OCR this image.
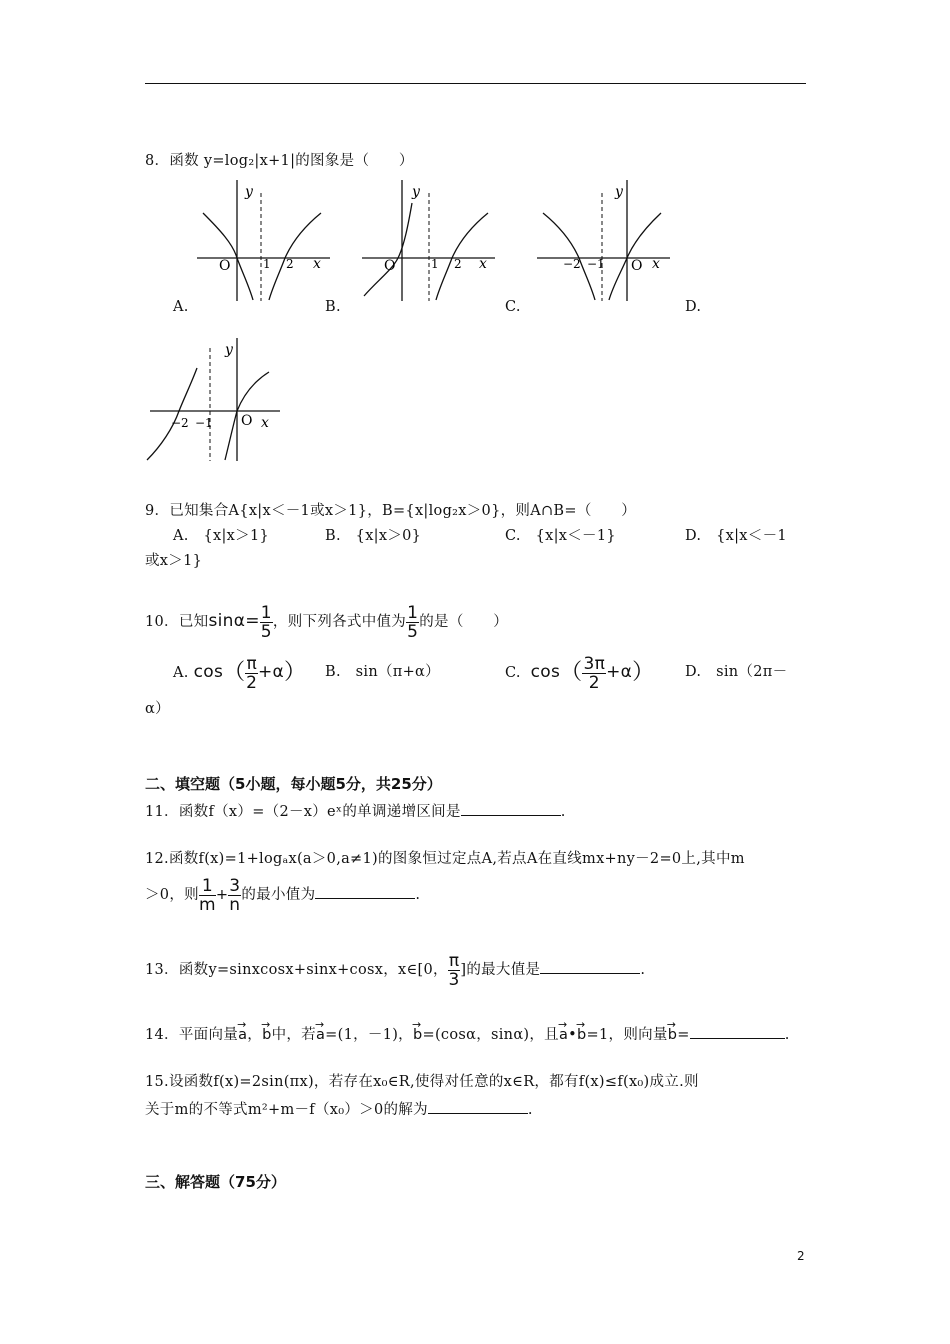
8．函数 y=log₂|x+1|的图象是（　　）
y
O	1 2 x
A.
y
O	1 2 x
B.
y
−2 −1 O x
C.	D.
y
−2 −1 O x
9．已知集合A{x|x＜－1或x＞1}，B={x|log₂x＞0}，则A∩B=（　　）
A.　{x|x＞1}	B.　{x|x＞0}	C.　{x|x＜－1}	D.　{x|x＜－1
或x＞1}
10．已知$\sin\alpha= \frac{1}{5}$ ，则下列各式中值为 $\frac{1}{5}$ 的是（　　）
A. $\cos( \frac{\pi}{2} +\alpha)$ B.　sin（π+α）	C. $\cos( \frac{3\pi}{2} +\alpha)$ D.　sin（2π－
α）
二、填空题（5小题，每小题5分，共25分）
11．函数f（x）=（2－x）eˣ的单调递增区间是	.
12.函数f(x)=1+logₐx(a＞0,a≠1)的图象恒过定点A,若点A在直线mx+ny－2=0上,其中m
＞0，则 $\frac{1}{m} + \frac{3}{n}$ 的最小值为	.
13．函数y=sinxcosx+sinx+cosx，x∈[0， $\frac{\pi}{3}$ ]的最大值是	.
14．平面向量→ a，→ b中，若→ a=(1，－1)，→ b=(cosα，sinα)，且→ a•→ b=1，则向量→ b=	.
15.设函数f(x)=2sin(πx)，若存在x₀∈R,使得对任意的x∈R，都有f(x)≤f(x₀)成立.则
关于m的不等式m²+m－f（x₀）＞0的解为	.
三、解答题（75分）
2
